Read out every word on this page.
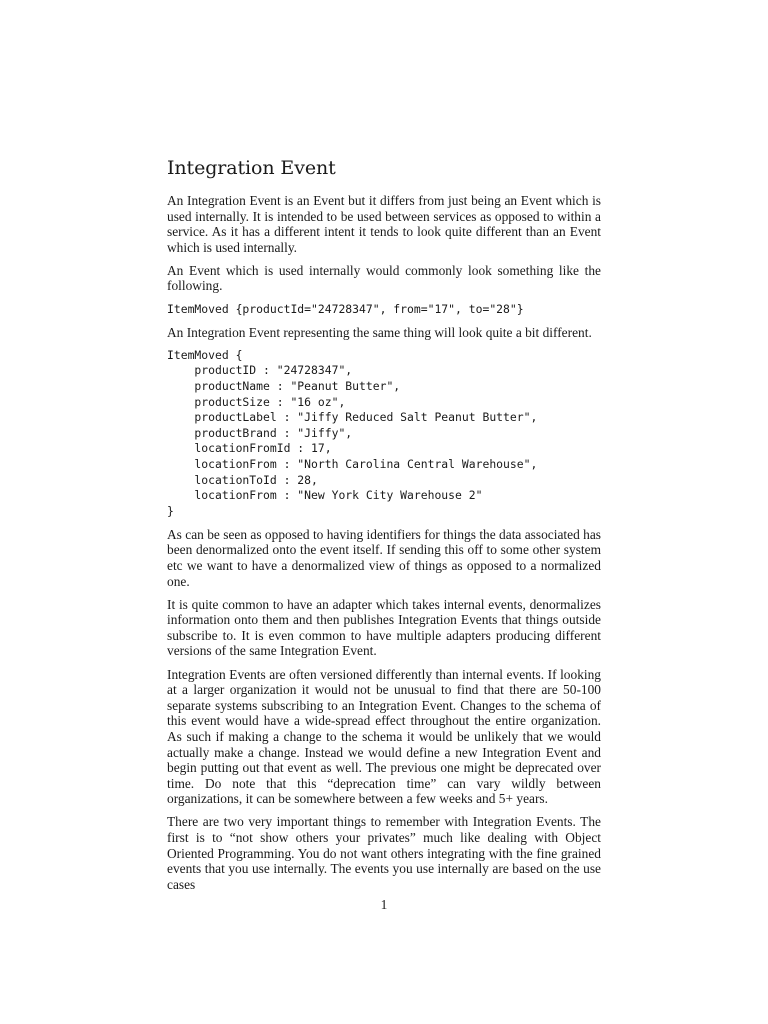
Integration Event

An Integration Event is an Event but it differs from just being an Event which is used internally. It is intended to be used between services as opposed to within a service. As it has a different intent it tends to look quite different than an Event which is used internally.

An Event which is used internally would commonly look something like the following.

ItemMoved {productId="24728347", from="17", to="28"}

An Integration Event representing the same thing will look quite a bit different.

ItemMoved {
productID : "24728347",
productName : "Peanut Butter",
productSize : "16 oz",
productLabel : "Jiffy Reduced Salt Peanut Butter",
productBrand : "Jiffy",
locationFromId : 17,
locationFrom : "North Carolina Central Warehouse",
locationToId : 28,
locationFrom : "New York City Warehouse 2"
}

As can be seen as opposed to having identifiers for things the data associated has been denormalized onto the event itself. If sending this off to some other system etc we want to have a denormalized view of things as opposed to a normalized one.

It is quite common to have an adapter which takes internal events, denormalizes information onto them and then publishes Integration Events that things outside subscribe to. It is even common to have multiple adapters producing different versions of the same Integration Event.

Integration Events are often versioned differently than internal events. If looking at a larger organization it would not be unusual to find that there are 50-100 separate systems subscribing to an Integration Event. Changes to the schema of this event would have a wide-spread effect throughout the entire organization. As such if making a change to the schema it would be unlikely that we would actually make a change. Instead we would define a new Integration Event and begin putting out that event as well. The previous one might be deprecated over time. Do note that this “deprecation time” can vary wildly between organizations, it can be somewhere between a few weeks and 5+ years.

There are two very important things to remember with Integration Events. The first is to “not show others your privates” much like dealing with Object Oriented Programming. You do not want others integrating with the fine grained events that you use internally. The events you use internally are based on the use cases

1
